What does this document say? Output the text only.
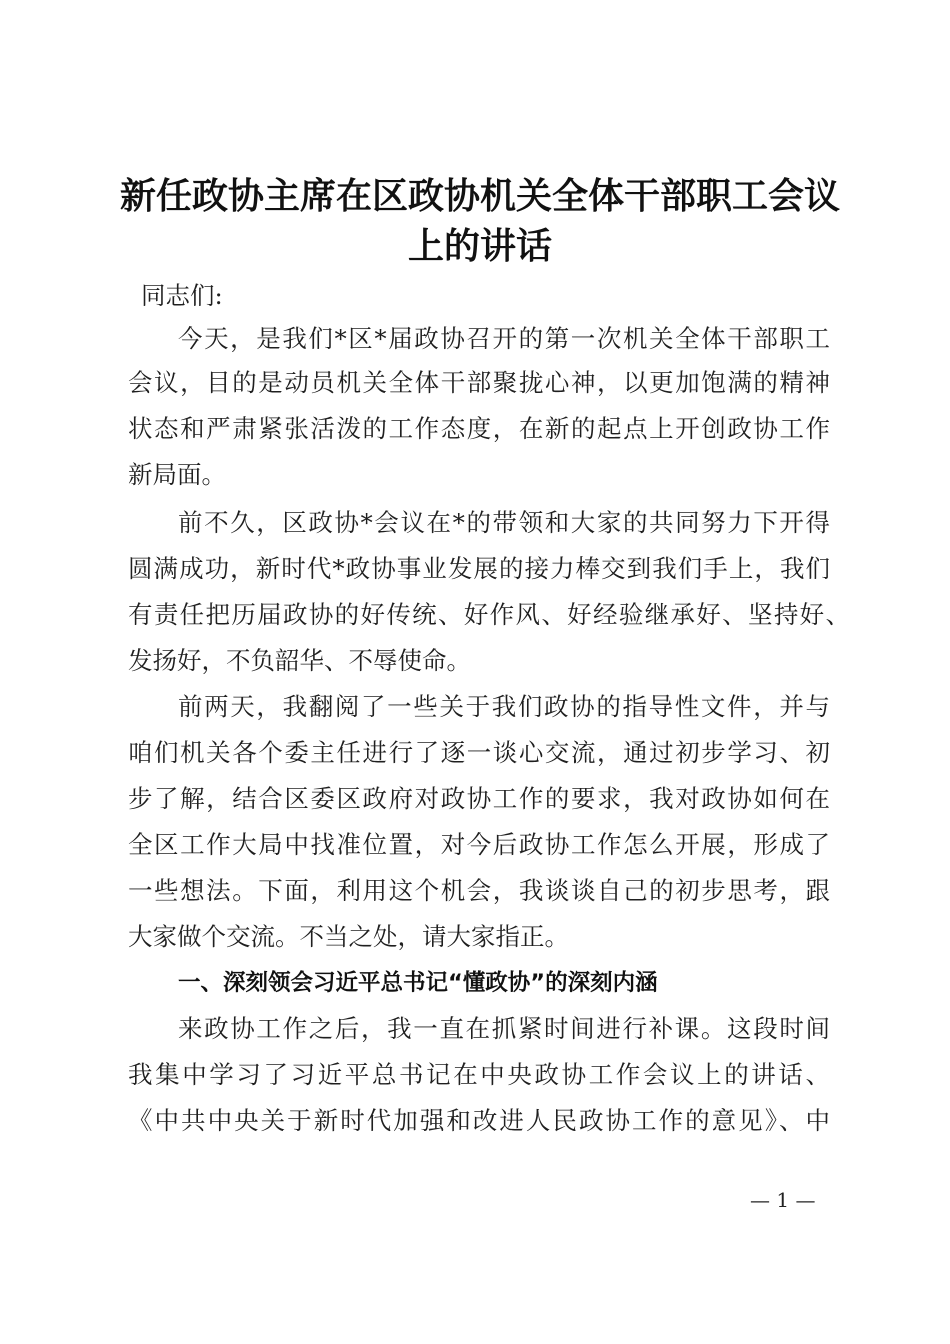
新任政协主席在区政协机关全体干部职工会议
上的讲话
同志们:
今天，是我们*区*届政协召开的第一次机关全体干部职工
会议，目的是动员机关全体干部聚拢心神，以更加饱满的精神
状态和严肃紧张活泼的工作态度，在新的起点上开创政协工作
新局面。
前不久，区政协*会议在*的带领和大家的共同努力下开得
圆满成功，新时代*政协事业发展的接力棒交到我们手上，我们
有责任把历届政协的好传统、好作风、好经验继承好、坚持好、
发扬好，不负韶华、不辱使命。
前两天，我翻阅了一些关于我们政协的指导性文件，并与
咱们机关各个委主任进行了逐一谈心交流，通过初步学习、初
步了解，结合区委区政府对政协工作的要求，我对政协如何在
全区工作大局中找准位置，对今后政协工作怎么开展，形成了
一些想法。下面，利用这个机会，我谈谈自己的初步思考，跟
大家做个交流。不当之处，请大家指正。
一、深刻领会习近平总书记“懂政协”的深刻内涵
来政协工作之后，我一直在抓紧时间进行补课。这段时间
我集中学习了习近平总书记在中央政协工作会议上的讲话、
《中共中央关于新时代加强和改进人民政协工作的意见》、中
— 1 —
